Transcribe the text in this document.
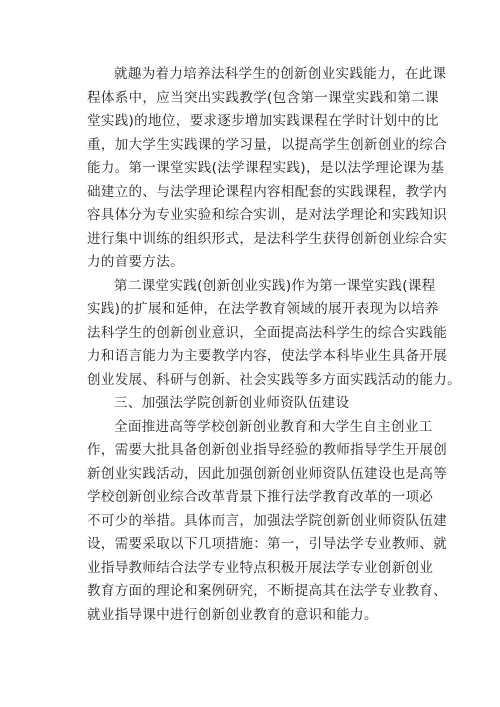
就趣为着力培养法科学生的创新创业实践能力，在此课
程体系中，应当突出实践教学(包含第一课堂实践和第二课
堂实践)的地位，要求逐步增加实践课程在学时计划中的比
重，加大学生实践课的学习量，以提高学生创新创业的综合
能力。第一课堂实践(法学课程实践)，是以法学理论课为基
础建立的、与法学理论课程内容相配套的实践课程，教学内
容具体分为专业实验和综合实训，是对法学理论和实践知识
进行集中训练的组织形式，是法科学生获得创新创业综合实
力的首要方法。
第二课堂实践(创新创业实践)作为第一课堂实践(课程
实践)的扩展和延伸，在法学教育领域的展开表现为以培养
法科学生的创新创业意识，全面提高法科学生的综合实践能
力和语言能力为主要教学内容，使法学本科毕业生具备开展
创业发展、科研与创新、社会实践等多方面实践活动的能力。
三、加强法学院创新创业师资队伍建设
全面推进高等学校创新创业教育和大学生自主创业工
作，需要大批具备创新创业指导经验的教师指导学生开展创
新创业实践活动，因此加强创新创业师资队伍建设也是高等
学校创新创业综合改革背景下推行法学教育改革的一项必
不可少的举措。具体而言，加强法学院创新创业师资队伍建
设，需要采取以下几项措施：第一，引导法学专业教师、就
业指导教师结合法学专业特点积极开展法学专业创新创业
教育方面的理论和案例研究，不断提高其在法学专业教育、
就业指导课中进行创新创业教育的意识和能力。
